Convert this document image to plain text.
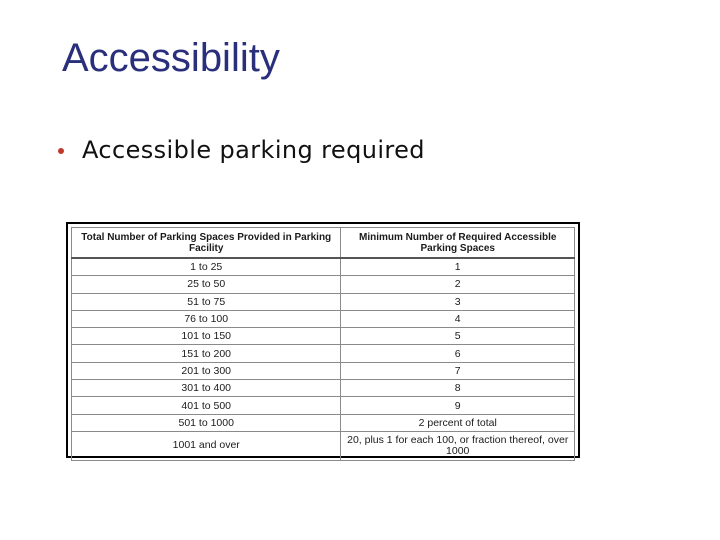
Accessibility
Accessible parking required
Total Number of Parking Spaces Provided in Parking Facility	Minimum Number of Required Accessible Parking Spaces
1 to 25	1
25 to 50	2
51 to 75	3
76 to 100	4
101 to 150	5
151 to 200	6
201 to 300	7
301 to 400	8
401 to 500	9
501 to 1000	2 percent of total
1001 and over	20, plus 1 for each 100, or fraction thereof, over 1000
